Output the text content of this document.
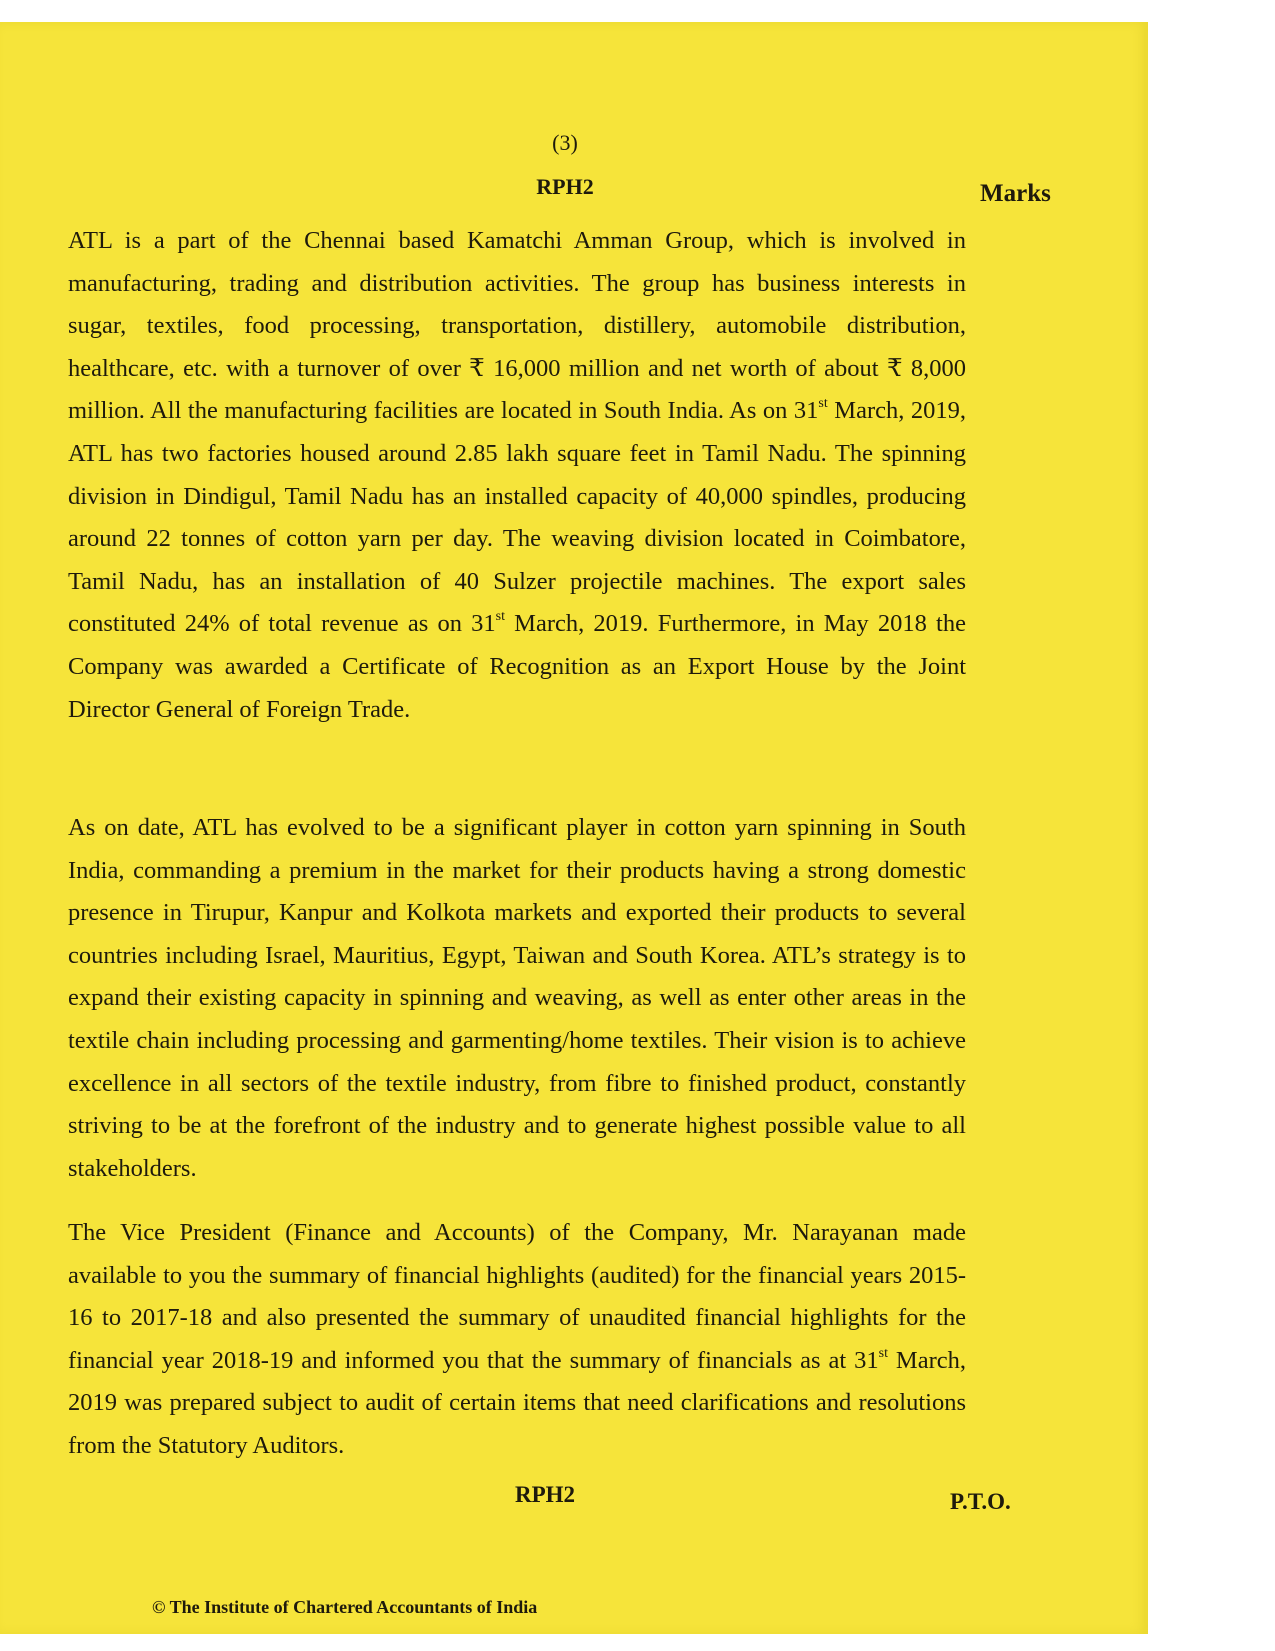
(3)
RPH2	Marks

ATL is a part of the Chennai based Kamatchi Amman Group, which is involved in manufacturing, trading and distribution activities. The group has business interests in sugar, textiles, food processing, transportation, distillery, automobile distribution, healthcare, etc. with a turnover of over ₹ 16,000 million and net worth of about ₹ 8,000 million. All the manufacturing facilities are located in South India. As on 31st March, 2019, ATL has two factories housed around 2.85 lakh square feet in Tamil Nadu. The spinning division in Dindigul, Tamil Nadu has an installed capacity of 40,000 spindles, producing around 22 tonnes of cotton yarn per day. The weaving division located in Coimbatore, Tamil Nadu, has an installation of 40 Sulzer projectile machines. The export sales constituted 24% of total revenue as on 31st March, 2019. Furthermore, in May 2018 the Company was awarded a Certificate of Recognition as an Export House by the Joint Director General of Foreign Trade.

As on date, ATL has evolved to be a significant player in cotton yarn spinning in South India, commanding a premium in the market for their products having a strong domestic presence in Tirupur, Kanpur and Kolkota markets and exported their products to several countries including Israel, Mauritius, Egypt, Taiwan and South Korea. ATL’s strategy is to expand their existing capacity in spinning and weaving, as well as enter other areas in the textile chain including processing and garmenting/home textiles. Their vision is to achieve excellence in all sectors of the textile industry, from fibre to finished product, constantly striving to be at the forefront of the industry and to generate highest possible value to all stakeholders.

The Vice President (Finance and Accounts) of the Company, Mr. Narayanan made available to you the summary of financial highlights (audited) for the financial years 2015-16 to 2017-18 and also presented the summary of unaudited financial highlights for the financial year 2018-19 and informed you that the summary of financials as at 31st March, 2019 was prepared subject to audit of certain items that need clarifications and resolutions from the Statutory Auditors.

RPH2	P.T.O.
© The Institute of Chartered Accountants of India
